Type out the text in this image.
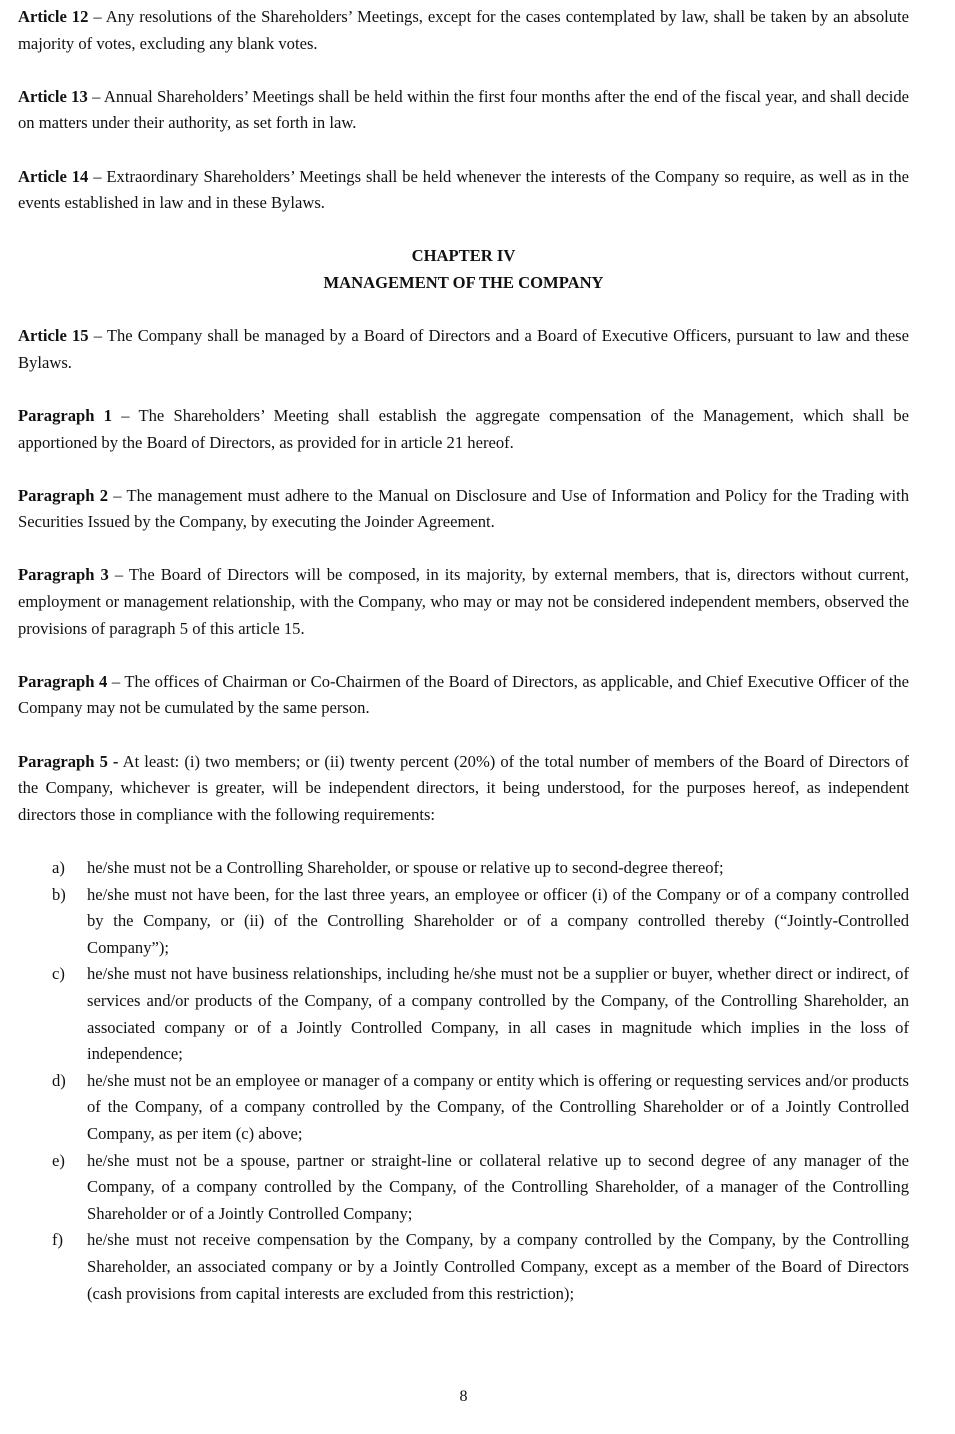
Article 12 – Any resolutions of the Shareholders’ Meetings, except for the cases contemplated by law, shall be taken by an absolute majority of votes, excluding any blank votes.

Article 13 – Annual Shareholders’ Meetings shall be held within the first four months after the end of the fiscal year, and shall decide on matters under their authority, as set forth in law.

Article 14 – Extraordinary Shareholders’ Meetings shall be held whenever the interests of the Company so require, as well as in the events established in law and in these Bylaws.

CHAPTER IV
MANAGEMENT OF THE COMPANY

Article 15 – The Company shall be managed by a Board of Directors and a Board of Executive Officers, pursuant to law and these Bylaws.

Paragraph 1 – The Shareholders’ Meeting shall establish the aggregate compensation of the Management, which shall be apportioned by the Board of Directors, as provided for in article 21 hereof.

Paragraph 2 – The management must adhere to the Manual on Disclosure and Use of Information and Policy for the Trading with Securities Issued by the Company, by executing the Joinder Agreement.

Paragraph 3 – The Board of Directors will be composed, in its majority, by external members, that is, directors without current, employment or management relationship, with the Company, who may or may not be considered independent members, observed the provisions of paragraph 5 of this article 15.

Paragraph 4 – The offices of Chairman or Co-Chairmen of the Board of Directors, as applicable, and Chief Executive Officer of the Company may not be cumulated by the same person.

Paragraph 5 - At least: (i) two members; or (ii) twenty percent (20%) of the total number of members of the Board of Directors of the Company, whichever is greater, will be independent directors, it being understood, for the purposes hereof, as independent directors those in compliance with the following requirements:

a) he/she must not be a Controlling Shareholder, or spouse or relative up to second-degree thereof;
b) he/she must not have been, for the last three years, an employee or officer (i) of the Company or of a company controlled by the Company, or (ii) of the Controlling Shareholder or of a company controlled thereby (“Jointly-Controlled Company”);
c) he/she must not have business relationships, including he/she must not be a supplier or buyer, whether direct or indirect, of services and/or products of the Company, of a company controlled by the Company, of the Controlling Shareholder, an associated company or of a Jointly Controlled Company, in all cases in magnitude which implies in the loss of independence;
d) he/she must not be an employee or manager of a company or entity which is offering or requesting services and/or products of the Company, of a company controlled by the Company, of the Controlling Shareholder or of a Jointly Controlled Company, as per item (c) above;
e) he/she must not be a spouse, partner or straight-line or collateral relative up to second degree of any manager of the Company, of a company controlled by the Company, of the Controlling Shareholder, of a manager of the Controlling Shareholder or of a Jointly Controlled Company;
f) he/she must not receive compensation by the Company, by a company controlled by the Company, by the Controlling Shareholder, an associated company or by a Jointly Controlled Company, except as a member of the Board of Directors (cash provisions from capital interests are excluded from this restriction);
8
